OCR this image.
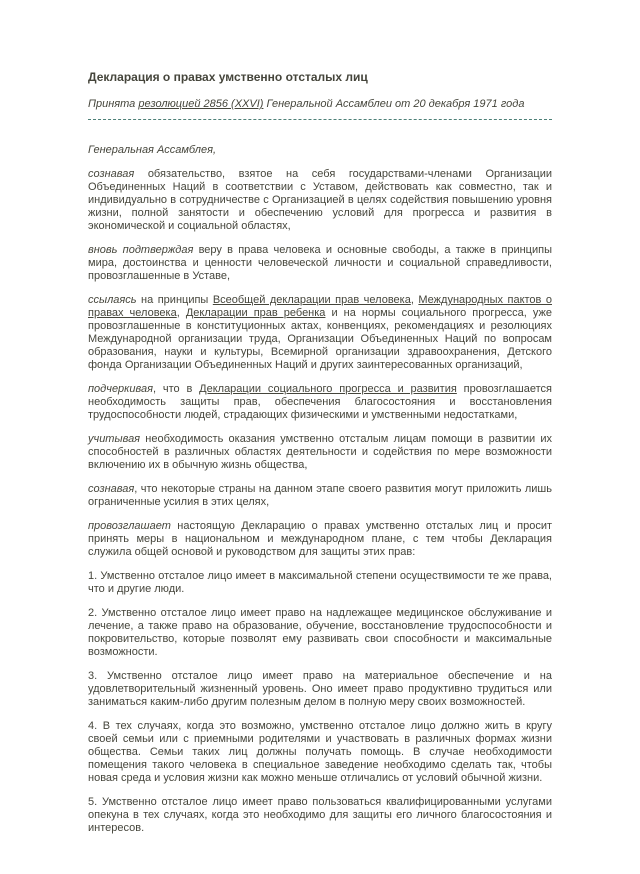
Декларация о правах умственно отсталых лиц

Принята резолюцией 2856 (XXVI) Генеральной Ассамблеи от 20 декабря 1971 года

Генеральная Ассамблея,

сознавая обязательство, взятое на себя государствами-членами Организации Объединенных Наций в соответствии с Уставом, действовать как совместно, так и индивидуально в сотрудничестве с Организацией в целях содействия повышению уровня жизни, полной занятости и обеспечению условий для прогресса и развития в экономической и социальной областях,

вновь подтверждая веру в права человека и основные свободы, а также в принципы мира, достоинства и ценности человеческой личности и социальной справедливости, провозглашенные в Уставе,

ссылаясь на принципы Всеобщей декларации прав человека, Международных пактов о правах человека, Декларации прав ребенка и на нормы социального прогресса, уже провозглашенные в конституционных актах, конвенциях, рекомендациях и резолюциях Международной организации труда, Организации Объединенных Наций по вопросам образования, науки и культуры, Всемирной организации здравоохранения, Детского фонда Организации Объединенных Наций и других заинтересованных организаций,

подчеркивая, что в Декларации социального прогресса и развития провозглашается необходимость защиты прав, обеспечения благосостояния и восстановления трудоспособности людей, страдающих физическими и умственными недостатками,

учитывая необходимость оказания умственно отсталым лицам помощи в развитии их способностей в различных областях деятельности и содействия по мере возможности включению их в обычную жизнь общества,

сознавая, что некоторые страны на данном этапе своего развития могут приложить лишь ограниченные усилия в этих целях,

провозглашает настоящую Декларацию о правах умственно отсталых лиц и просит принять меры в национальном и международном плане, с тем чтобы Декларация служила общей основой и руководством для защиты этих прав:

1. Умственно отсталое лицо имеет в максимальной степени осуществимости те же права, что и другие люди.

2. Умственно отсталое лицо имеет право на надлежащее медицинское обслуживание и лечение, а также право на образование, обучение, восстановление трудоспособности и покровительство, которые позволят ему развивать свои способности и максимальные возможности.

3. Умственно отсталое лицо имеет право на материальное обеспечение и на удовлетворительный жизненный уровень. Оно имеет право продуктивно трудиться или заниматься каким-либо другим полезным делом в полную меру своих возможностей.

4. В тех случаях, когда это возможно, умственно отсталое лицо должно жить в кругу своей семьи или с приемными родителями и участвовать в различных формах жизни общества. Семьи таких лиц должны получать помощь. В случае необходимости помещения такого человека в специальное заведение необходимо сделать так, чтобы новая среда и условия жизни как можно меньше отличались от условий обычной жизни.

5. Умственно отсталое лицо имеет право пользоваться квалифицированными услугами опекуна в тех случаях, когда это необходимо для защиты его личного благосостояния и интересов.
